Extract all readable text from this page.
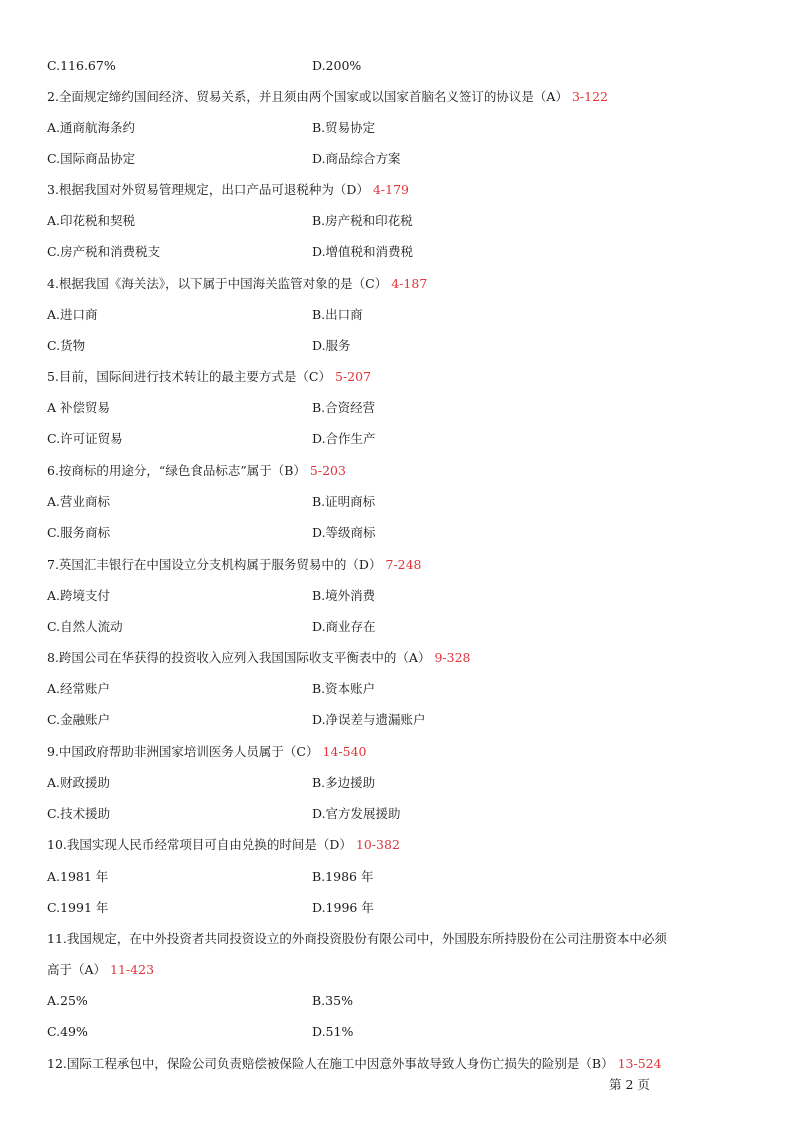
C.116.67%	D.200%
2.全面规定缔约国间经济、贸易关系，并且须由两个国家或以国家首脑名义签订的协议是（A） 3-122
A.通商航海条约	B.贸易协定
C.国际商品协定	D.商品综合方案
3.根据我国对外贸易管理规定，出口产品可退税种为（D） 4-179
A.印花税和契税	B.房产税和印花税
C.房产税和消费税支	D.增值税和消费税
4.根据我国《海关法》，以下属于中国海关监管对象的是（C） 4-187
A.进口商	B.出口商
C.货物	D.服务
5.目前，国际间进行技术转让的最主要方式是（C） 5-207
A 补偿贸易	B.合资经营
C.许可证贸易	D.合作生产
6.按商标的用途分，“绿色食品标志”属于（B） 5-203
A.营业商标	B.证明商标
C.服务商标	D.等级商标
7.英国汇丰银行在中国设立分支机构属于服务贸易中的（D） 7-248
A.跨境支付	B.境外消费
C.自然人流动	D.商业存在
8.跨国公司在华获得的投资收入应列入我国国际收支平衡表中的（A） 9-328
A.经常账户	B.资本账户
C.金融账户	D.净误差与遗漏账户
9.中国政府帮助非洲国家培训医务人员属于（C） 14-540
A.财政援助	B.多边援助
C.技术援助	D.官方发展援助
10.我国实现人民币经常项目可自由兑换的时间是（D） 10-382
A.1981 年	B.1986 年
C.1991 年	D.1996 年
11.我国规定，在中外投资者共同投资设立的外商投资股份有限公司中，外国股东所持股份在公司注册资本中必须
高于（A） 11-423
A.25%	B.35%
C.49%	D.51%
12.国际工程承包中，保险公司负责赔偿被保险人在施工中因意外事故导致人身伤亡损失的险别是（B） 13-524
第 2 页
